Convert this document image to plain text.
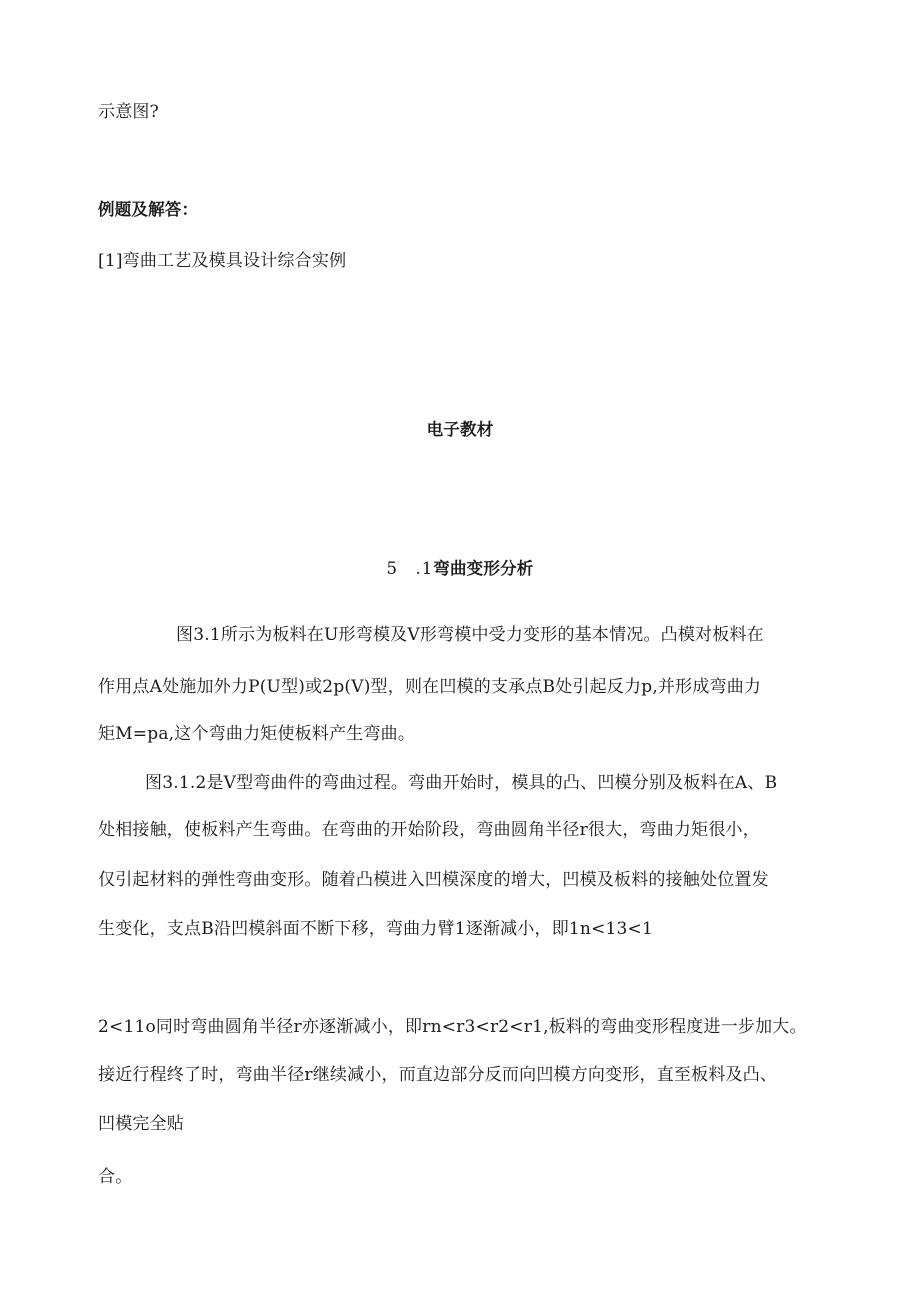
示意图?
例题及解答：
[1]弯曲工艺及模具设计综合实例
电子教材
5　.1弯曲变形分析
图3.1所示为板料在U形弯模及V形弯模中受力变形的基本情况。凸模对板料在
作用点A处施加外力P(U型)或2p(V)型，则在凹模的支承点B处引起反力p,并形成弯曲力
矩M=pa,这个弯曲力矩使板料产生弯曲。
图3.1.2是V型弯曲件的弯曲过程。弯曲开始时，模具的凸、凹模分别及板料在A、B
处相接触，使板料产生弯曲。在弯曲的开始阶段，弯曲圆角半径r很大，弯曲力矩很小，
仅引起材料的弹性弯曲变形。随着凸模进入凹模深度的增大，凹模及板料的接触处位置发
生变化，支点B沿凹模斜面不断下移，弯曲力臂1逐渐减小，即1n<13<1
2<11o同时弯曲圆角半径r亦逐渐减小，即rn<r3<r2<r1,板料的弯曲变形程度进一步加大。
接近行程终了时，弯曲半径r继续减小，而直边部分反而向凹模方向变形，直至板料及凸、
凹模完全贴
合。
